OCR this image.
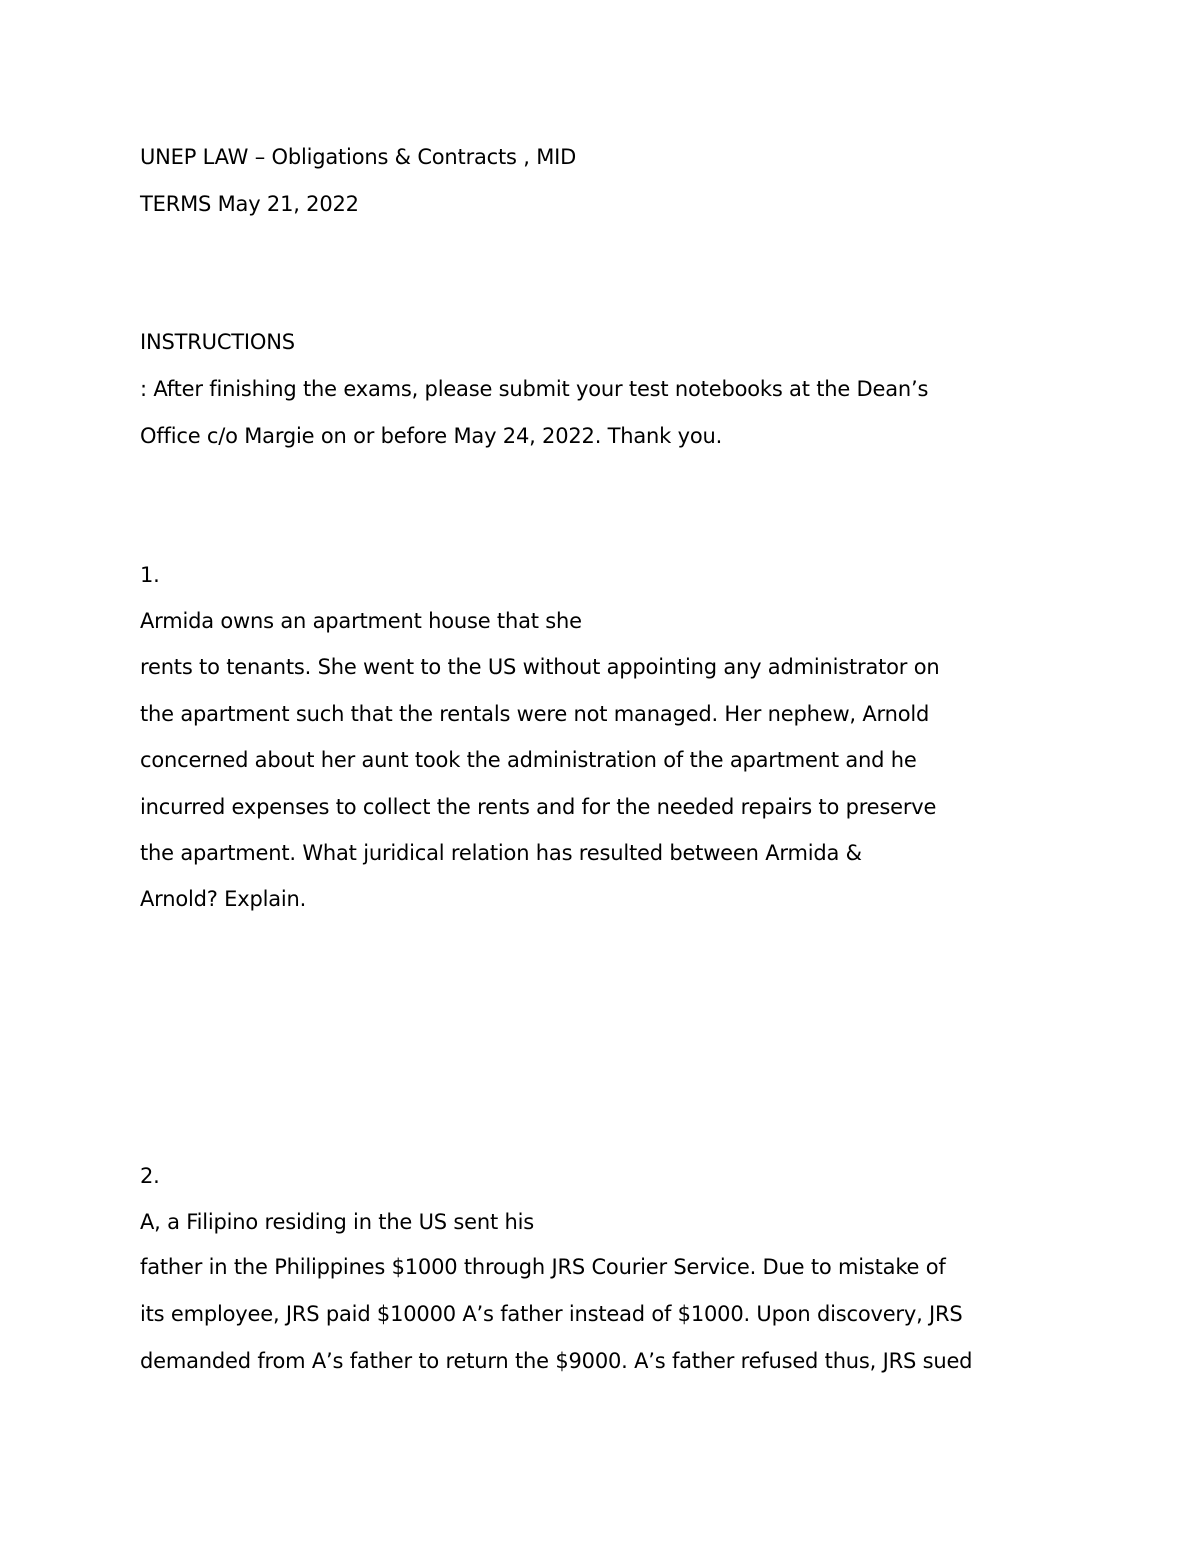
UNEP LAW – Obligations & Contracts , MID
TERMS May 21, 2022
INSTRUCTIONS
: After finishing the exams, please submit your test notebooks at the Dean’s
Office c/o Margie on or before May 24, 2022. Thank you.
1.
Armida owns an apartment house that she
rents to tenants. She went to the US without appointing any administrator on
the apartment such that the rentals were not managed. Her nephew, Arnold
concerned about her aunt took the administration of the apartment and he
incurred expenses to collect the rents and for the needed repairs to preserve
the apartment. What juridical relation has resulted between Armida &
Arnold? Explain.
2.
A, a Filipino residing in the US sent his
father in the Philippines $1000 through JRS Courier Service. Due to mistake of
its employee, JRS paid $10000 A’s father instead of $1000. Upon discovery, JRS
demanded from A’s father to return the $9000. A’s father refused thus, JRS sued
